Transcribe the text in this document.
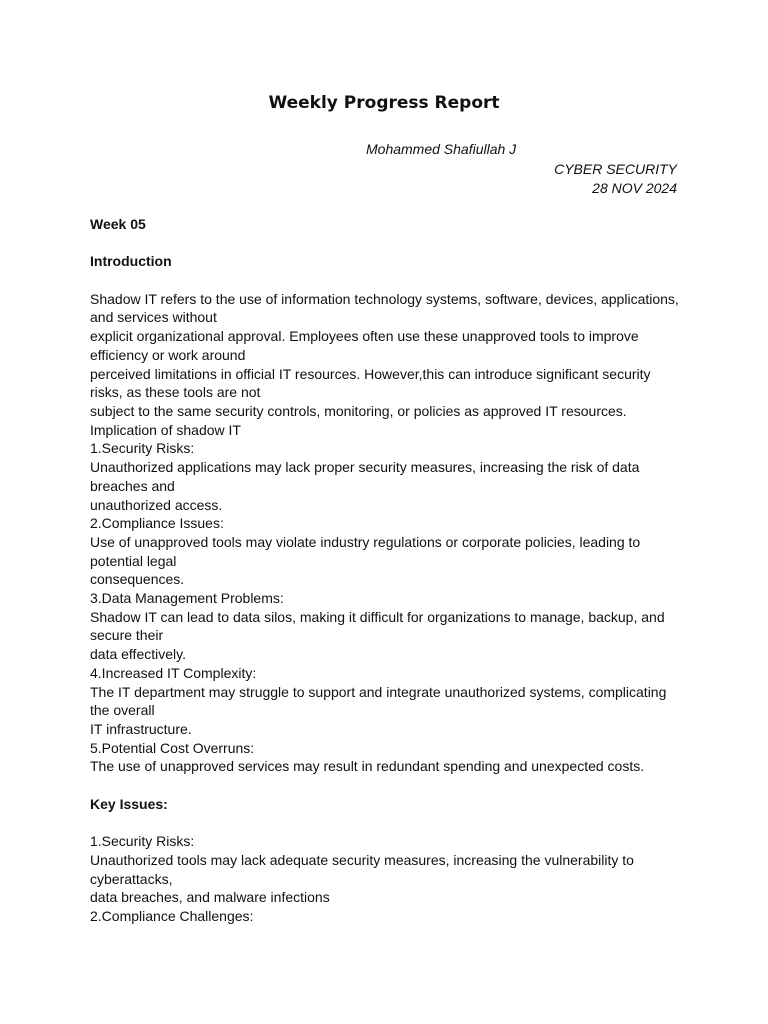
Weekly Progress Report

Mohammed Shafiullah J

CYBER SECURITY
28 NOV 2024

Week 05

Introduction

Shadow IT refers to the use of information technology systems, software, devices, applications,

and services without

explicit organizational approval. Employees often use these unapproved tools to improve

efficiency or work around

perceived limitations in official IT resources. However,this can introduce significant security

risks, as these tools are not

subject to the same security controls, monitoring, or policies as approved IT resources.

Implication of shadow IT

1.Security Risks:

Unauthorized applications may lack proper security measures, increasing the risk of data

breaches and

unauthorized access.

2.Compliance Issues:

Use of unapproved tools may violate industry regulations or corporate policies, leading to

potential legal

consequences.

3.Data Management Problems:

Shadow IT can lead to data silos, making it difficult for organizations to manage, backup, and

secure their

data effectively.

4.Increased IT Complexity:

The IT department may struggle to support and integrate unauthorized systems, complicating

the overall

IT infrastructure.

5.Potential Cost Overruns:

The use of unapproved services may result in redundant spending and unexpected costs.

Key Issues:

1.Security Risks:

Unauthorized tools may lack adequate security measures, increasing the vulnerability to

cyberattacks,

data breaches, and malware infections

2.Compliance Challenges:
